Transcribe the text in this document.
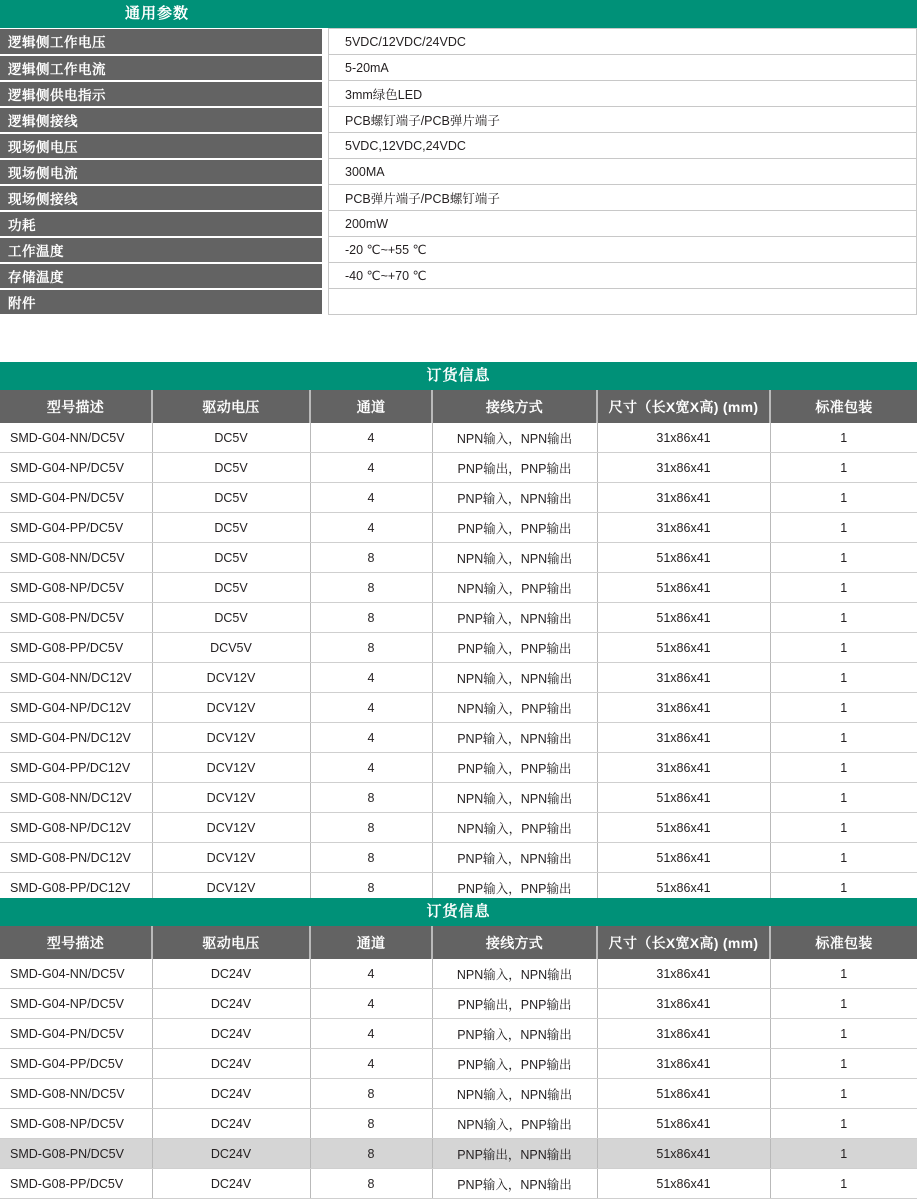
通用参数
逻辑侧工作电压		5VDC/12VDC/24VDC
逻辑侧工作电流		5-20mA
逻辑侧供电指示		3mm绿色LED
逻辑侧接线		PCB螺钉端子/PCB弹片端子
现场侧电压		5VDC,12VDC,24VDC
现场侧电流		300MA
现场侧接线		PCB弹片端子/PCB螺钉端子
功耗		200mW
工作温度		-20 ℃~+55 ℃
存储温度		-40 ℃~+70 ℃
附件		
订货信息
型号描述	驱动电压	通道	接线方式	尺寸（长X宽X高) (mm)	标准包装
SMD-G04-NN/DC5V	DC5V	4	NPN输入，NPN输出	31x86x41	1
SMD-G04-NP/DC5V	DC5V	4	PNP输出，PNP输出	31x86x41	1
SMD-G04-PN/DC5V	DC5V	4	PNP输入，NPN输出	31x86x41	1
SMD-G04-PP/DC5V	DC5V	4	PNP输入，PNP输出	31x86x41	1
SMD-G08-NN/DC5V	DC5V	8	NPN输入，NPN输出	51x86x41	1
SMD-G08-NP/DC5V	DC5V	8	NPN输入，PNP输出	51x86x41	1
SMD-G08-PN/DC5V	DC5V	8	PNP输入，NPN输出	51x86x41	1
SMD-G08-PP/DC5V	DCV5V	8	PNP输入，PNP输出	51x86x41	1
SMD-G04-NN/DC12V	DCV12V	4	NPN输入，NPN输出	31x86x41	1
SMD-G04-NP/DC12V	DCV12V	4	NPN输入，PNP输出	31x86x41	1
SMD-G04-PN/DC12V	DCV12V	4	PNP输入，NPN输出	31x86x41	1
SMD-G04-PP/DC12V	DCV12V	4	PNP输入，PNP输出	31x86x41	1
SMD-G08-NN/DC12V	DCV12V	8	NPN输入，NPN输出	51x86x41	1
SMD-G08-NP/DC12V	DCV12V	8	NPN输入，PNP输出	51x86x41	1
SMD-G08-PN/DC12V	DCV12V	8	PNP输入，NPN输出	51x86x41	1
SMD-G08-PP/DC12V	DCV12V	8	PNP输入，PNP输出	51x86x41	1
订货信息
型号描述	驱动电压	通道	接线方式	尺寸（长X宽X高) (mm)	标准包装
SMD-G04-NN/DC5V	DC24V	4	NPN输入，NPN输出	31x86x41	1
SMD-G04-NP/DC5V	DC24V	4	PNP输出，PNP输出	31x86x41	1
SMD-G04-PN/DC5V	DC24V	4	PNP输入，NPN输出	31x86x41	1
SMD-G04-PP/DC5V	DC24V	4	PNP输入，PNP输出	31x86x41	1
SMD-G08-NN/DC5V	DC24V	8	NPN输入，NPN输出	51x86x41	1
SMD-G08-NP/DC5V	DC24V	8	NPN输入，PNP输出	51x86x41	1
SMD-G08-PN/DC5V	DC24V	8	PNP输出，NPN输出	51x86x41	1
SMD-G08-PP/DC5V	DC24V	8	PNP输入，NPN输出	51x86x41	1
